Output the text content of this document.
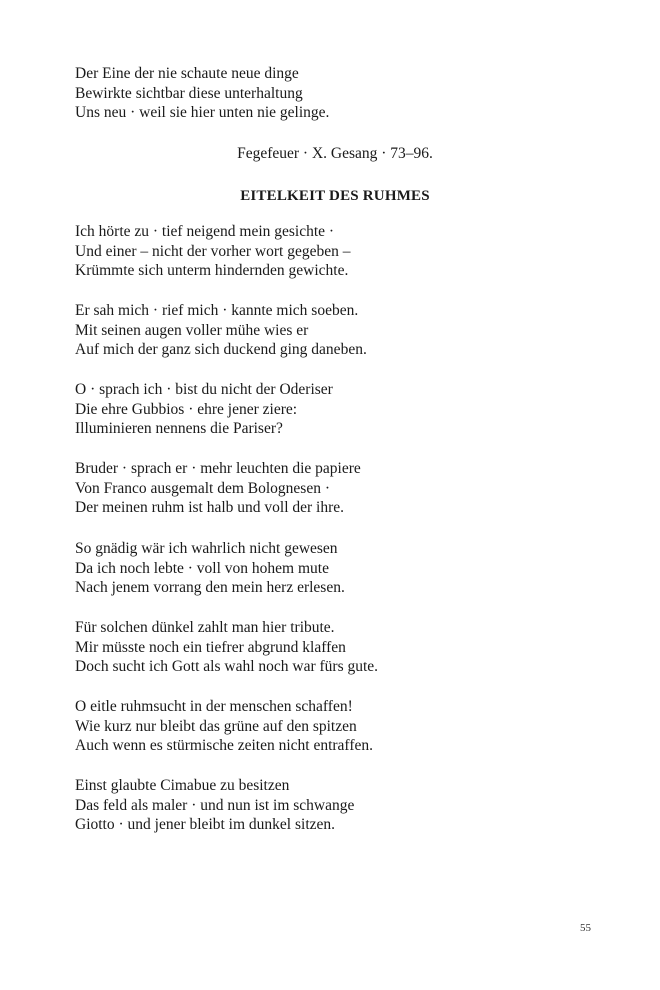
Der Eine der nie schaute neue dinge
Bewirkte sichtbar diese unterhaltung
Uns neu · weil sie hier unten nie gelinge.
Fegefeuer · X. Gesang · 73–96.
EITELKEIT DES RUHMES
Ich hörte zu · tief neigend mein gesichte ·
Und einer – nicht der vorher wort gegeben –
Krümmte sich unterm hindernden gewichte.
Er sah mich · rief mich · kannte mich soeben.
Mit seinen augen voller mühe wies er
Auf mich der ganz sich duckend ging daneben.
O · sprach ich · bist du nicht der Oderiser
Die ehre Gubbios · ehre jener ziere:
Illuminieren nennens die Pariser?
Bruder · sprach er · mehr leuchten die papiere
Von Franco ausgemalt dem Bolognesen ·
Der meinen ruhm ist halb und voll der ihre.
So gnädig wär ich wahrlich nicht gewesen
Da ich noch lebte · voll von hohem mute
Nach jenem vorrang den mein herz erlesen.
Für solchen dünkel zahlt man hier tribute.
Mir müsste noch ein tiefrer abgrund klaffen
Doch sucht ich Gott als wahl noch war fürs gute.
O eitle ruhmsucht in der menschen schaffen!
Wie kurz nur bleibt das grüne auf den spitzen
Auch wenn es stürmische zeiten nicht entraffen.
Einst glaubte Cimabue zu besitzen
Das feld als maler · und nun ist im schwange
Giotto · und jener bleibt im dunkel sitzen.
55
